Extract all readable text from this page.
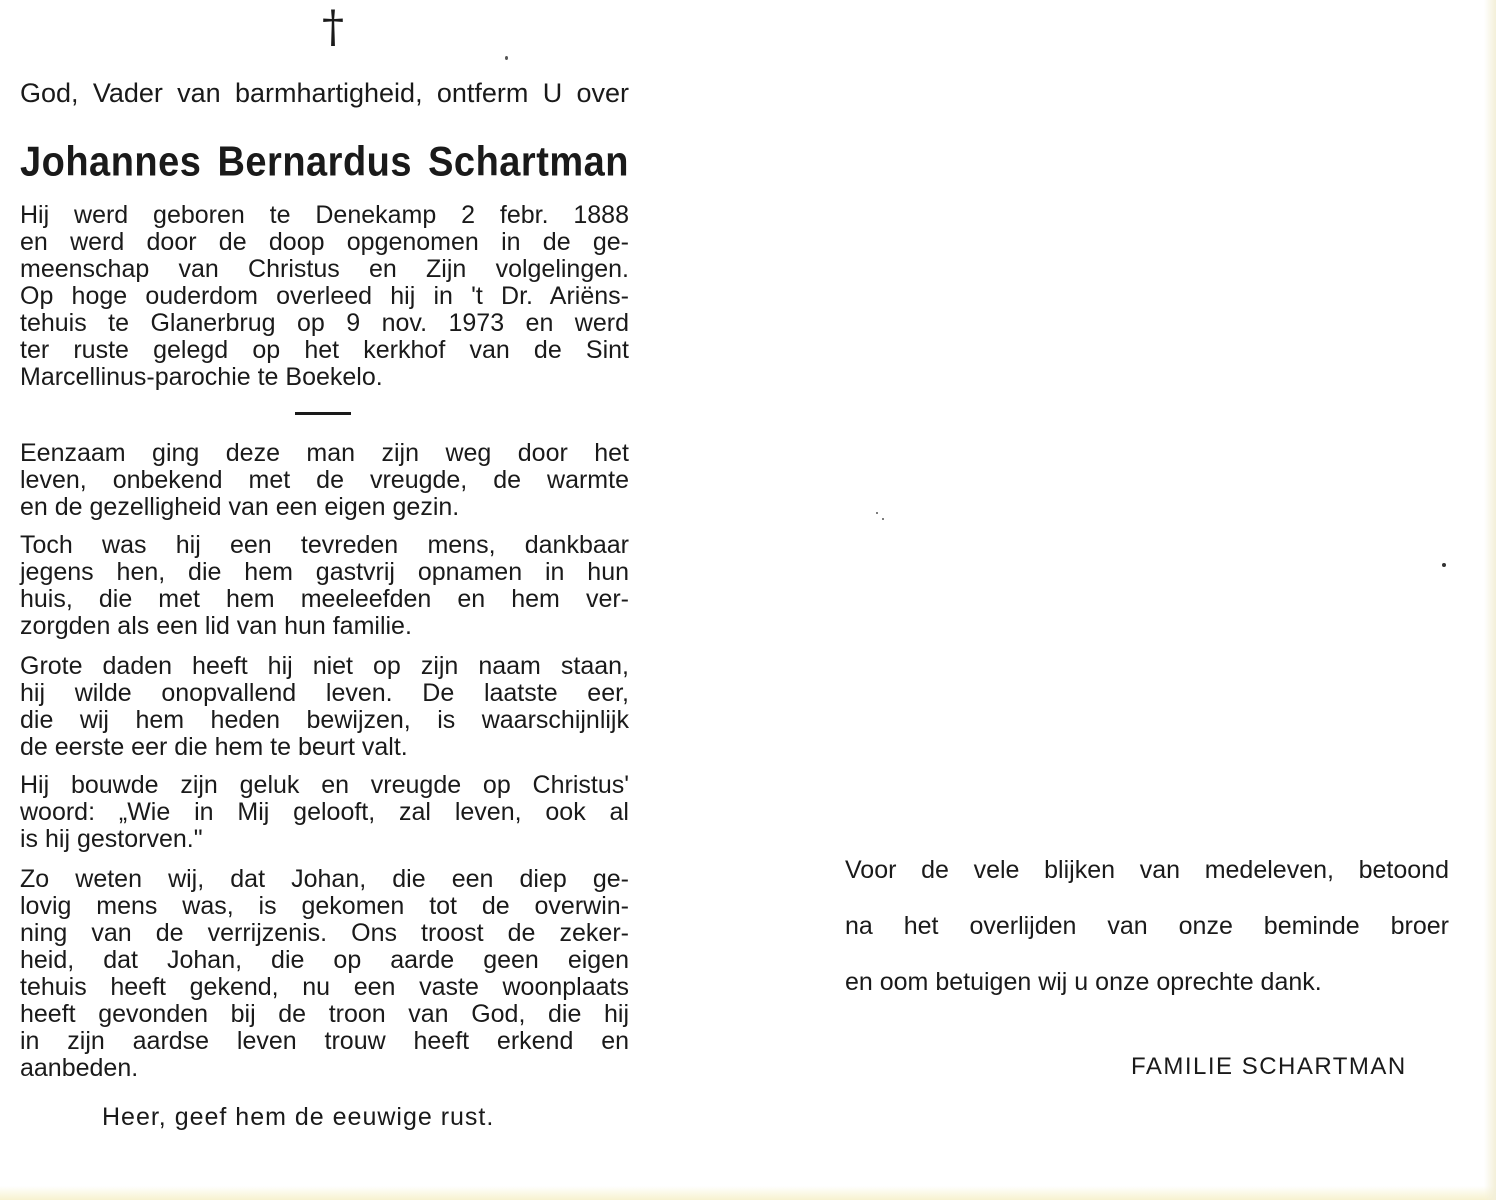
†
God, Vader van barmhartigheid, ontferm U over
Johannes Bernardus Schartman
Hij werd geboren te Denekamp 2 febr. 1888
en werd door de doop opgenomen in de ge-
meenschap van Christus en Zijn volgelingen.
Op hoge ouderdom overleed hij in 't Dr. Ariëns-
tehuis te Glanerbrug op 9 nov. 1973 en werd
ter ruste gelegd op het kerkhof van de Sint
Marcellinus-parochie te Boekelo.
Eenzaam ging deze man zijn weg door het
leven, onbekend met de vreugde, de warmte
en de gezelligheid van een eigen gezin.
Toch was hij een tevreden mens, dankbaar
jegens hen, die hem gastvrij opnamen in hun
huis, die met hem meeleefden en hem ver-
zorgden als een lid van hun familie.
Grote daden heeft hij niet op zijn naam staan,
hij wilde onopvallend leven. De laatste eer,
die wij hem heden bewijzen, is waarschijnlijk
de eerste eer die hem te beurt valt.
Hij bouwde zijn geluk en vreugde op Christus'
woord: „Wie in Mij gelooft, zal leven, ook al
is hij gestorven."
Zo weten wij, dat Johan, die een diep ge-
lovig mens was, is gekomen tot de overwin-
ning van de verrijzenis. Ons troost de zeker-
heid, dat Johan, die op aarde geen eigen
tehuis heeft gekend, nu een vaste woonplaats
heeft gevonden bij de troon van God, die hij
in zijn aardse leven trouw heeft erkend en
aanbeden.
Heer, geef hem de eeuwige rust.
Voor de vele blijken van medeleven, betoond
na het overlijden van onze beminde broer
en oom betuigen wij u onze oprechte dank.
FAMILIE SCHARTMAN
